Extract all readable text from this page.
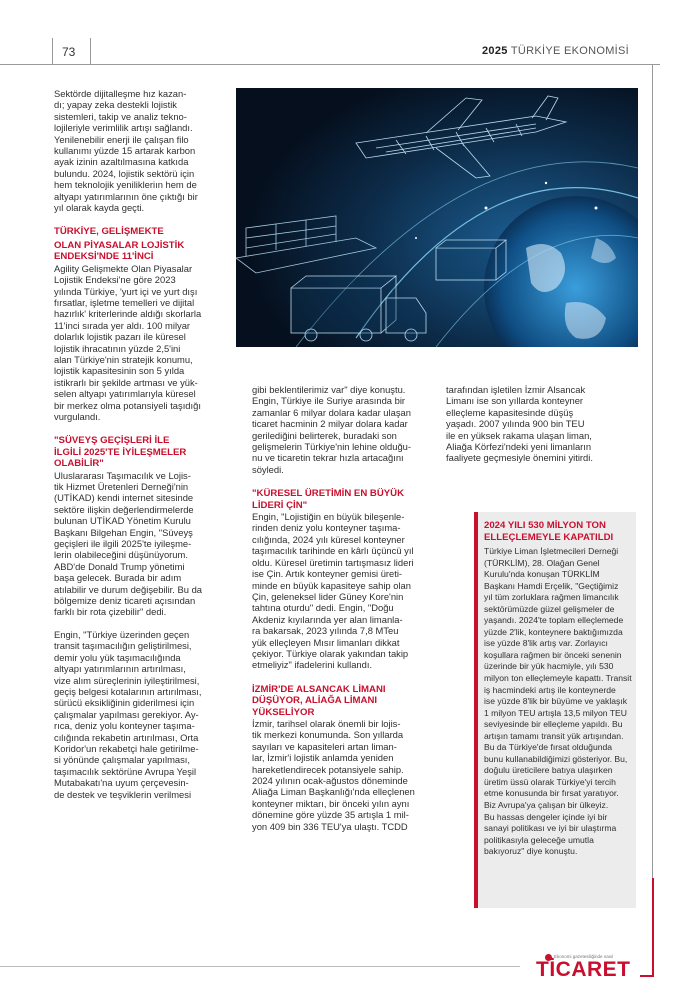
73	2025 TÜRKİYE EKONOMİSİ

Sektörde dijitalleşme hız kazan-

dı; yapay zeka destekli lojistik

sistemleri, takip ve analiz tekno-

lojileriyle verimlilik artışı sağlandı.

Yenilenebilir enerji ile çalışan filo

kullanımı yüzde 15 artarak karbon

ayak izinin azaltılmasına katkıda

bulundu. 2024, lojistik sektörü için

hem teknolojik yenilikleriın hem de

altyapı yatırımlarının öne çıktığı bir

yıl olarak kayda geçti.

TÜRKİYE, GELİŞMEKTE

OLAN PİYASALAR LOJİSTİK

ENDEKSİ'NDE 11'İNCİ

Agility Gelişmekte Olan Piyasalar

Lojistik Endeksi'ne göre 2023

yılında Türkiye, 'yurt içi ve yurt dışı

fırsatlar, işletme temelleri ve dijital

hazırlık' kriterlerinde aldığı skorlarla

11'inci sırada yer aldı. 100 milyar

dolarlık lojistik pazarı ile küresel

lojistik ihracatının yüzde 2,5'ini

alan Türkiye'nin stratejik konumu,

lojistik kapasitesinin son 5 yılda

istikrarlı bir şekilde artması ve yük-

selen altyapı yatırımlarıyla küresel

bir merkez olma potansiyeli taşıdığı

vurgulandı.

"SÜVEYŞ GEÇİŞLERİ İLE

İLGİLİ 2025'TE İYİLEŞMELER

OLABİLİR"

Uluslararası Taşımacılık ve Lojis-

tik Hizmet Üretenleri Derneği'nin

(UTİKAD) kendi internet sitesinde

sektöre ilişkin değerlendirmelerde

bulunan UTİKAD Yönetim Kurulu

Başkanı Bilgehan Engin, "Süveyş

geçişleri ile ilgili 2025'te iyileşme-

lerin olabileceğini düşünüyorum.

ABD'de Donald Trump yönetimi

başa gelecek. Burada bir adım

atılabilir ve durum değişebilir. Bu da

bölgemize deniz ticareti açısından

farklı bir rota çizebilir" dedi.

Engin, "Türkiye üzerinden geçen

transit taşımacılığın geliştirilmesi,

demir yolu yük taşımacılığında

altyapı yatırımlarının artırılması,

vize alım süreçlerinin iyileştirilmesi,

geçiş belgesi kotalarının artırılması,

sürücü eksikliğinin giderilmesi için

çalışmalar yapılması gerekiyor. Ay-

rıca, deniz yolu konteyner taşıma-

cılığında rekabetin artırılması, Orta

Koridor'un rekabetçi hale getirilme-

si yönünde çalışmalar yapılması,

taşımacılık sektörüne Avrupa Yeşil

Mutabakatı'na uyum çerçevesin-

de destek ve teşviklerin verilmesi

gibi beklentilerimiz var" diye konuştu.

Engin, Türkiye ile Suriye arasında bir

zamanlar 6 milyar dolara kadar ulaşan

ticaret hacminin 2 milyar dolara kadar

gerilediğini belirterek, buradaki son

gelişmelerin Türkiye'nin lehine olduğu-

nu ve ticaretin tekrar hızla artacağını

söyledi.

"KÜRESEL ÜRETİMİN EN BÜYÜK

LİDERİ ÇİN"

Engin, "Lojistiğin en büyük bileşenle-

rinden deniz yolu konteyner taşıma-

cılığında, 2024 yılı küresel konteyner

taşımacılık tarihinde en kârlı üçüncü yıl

oldu. Küresel üretimin tartışmasız lideri

ise Çin. Artık konteyner gemisi üreti-

minde en büyük kapasiteye sahip olan

Çin, geleneksel lider Güney Kore'nin

tahtına oturdu" dedi. Engin, "Doğu

Akdeniz kıyılarında yer alan limanla-

ra bakarsak, 2023 yılında 7,8 MTeu

yük elleçleyen Mısır limanları dikkat

çekiyor. Türkiye olarak yakından takip

etmeliyiz" ifadelerini kullandı.

İZMİR'DE ALSANCAK LİMANI

DÜŞÜYOR, ALİAĞA LİMANI

YÜKSELİYOR

İzmir, tarihsel olarak önemli bir lojis-

tik merkezi konumunda. Son yıllarda

sayıları ve kapasiteleri artan liman-

lar, İzmir'i lojistik anlamda yeniden

hareketlendirecek potansiyele sahip.

2024 yılının ocak-ağustos döneminde

Aliağa Liman Başkanlığı'nda elleçlenen

konteyner miktarı, bir önceki yılın aynı

dönemine göre yüzde 35 artışla 1 mil-

yon 409 bin 336 TEU'ya ulaştı. TCDD

tarafından işletilen İzmir Alsancak

Limanı ise son yıllarda konteyner

elleçleme kapasitesinde düşüş

yaşadı. 2007 yılında 900 bin TEU

ile en yüksek rakama ulaşan liman,

Aliağa Körfezi'ndeki yeni limanların

faaliyete geçmesiyle önemini yitirdi.

2024 YILI 530 MİLYON TON

ELLEÇLEMEYLE KAPATILDI

Türkiye Liman İşletmecileri Derneği

(TÜRKLİM), 28. Olağan Genel

Kurulu'nda konuşan TÜRKLİM

Başkanı Hamdi Erçelik, "Geçtiğimiz

yıl tüm zorluklara rağmen limancılık

sektörümüzde güzel gelişmeler de

yaşandı. 2024'te toplam elleçlemede

yüzde 2'lik, konteynere baktığımızda

ise yüzde 8'lik artış var. Zorlayıcı

koşullara rağmen bir önceki senenin

üzerinde bir yük hacmiyle, yılı 530

milyon ton elleçlemeyle kapattı. Transit

iş hacmindeki artış ile konteynerde

ise yüzde 8'lik bir büyüme ve yaklaşık

1 milyon TEU artışla 13,5 milyon TEU

seviyesinde bir elleçleme yapıldı. Bu

artışın tamamı transit yük artışından.

Bu da Türkiye'de fırsat olduğunda

bunu kullanabildiğimizi gösteriyor. Bu,

doğulu üreticilere batıya ulaşırken

üretim üssü olarak Türkiye'yi tercih

etme konusunda bir fırsat yaratıyor.

Biz Avrupa'ya çalışan bir ülkeyiz.

Bu hassas dengeler içinde iyi bir

sanayi politikası ve iyi bir ulaştırma

politikasıyla geleceğe umutla

bakıyoruz" diye konuştu.

Ekonomi gazetesiliğinde nasıl
TİCARET
